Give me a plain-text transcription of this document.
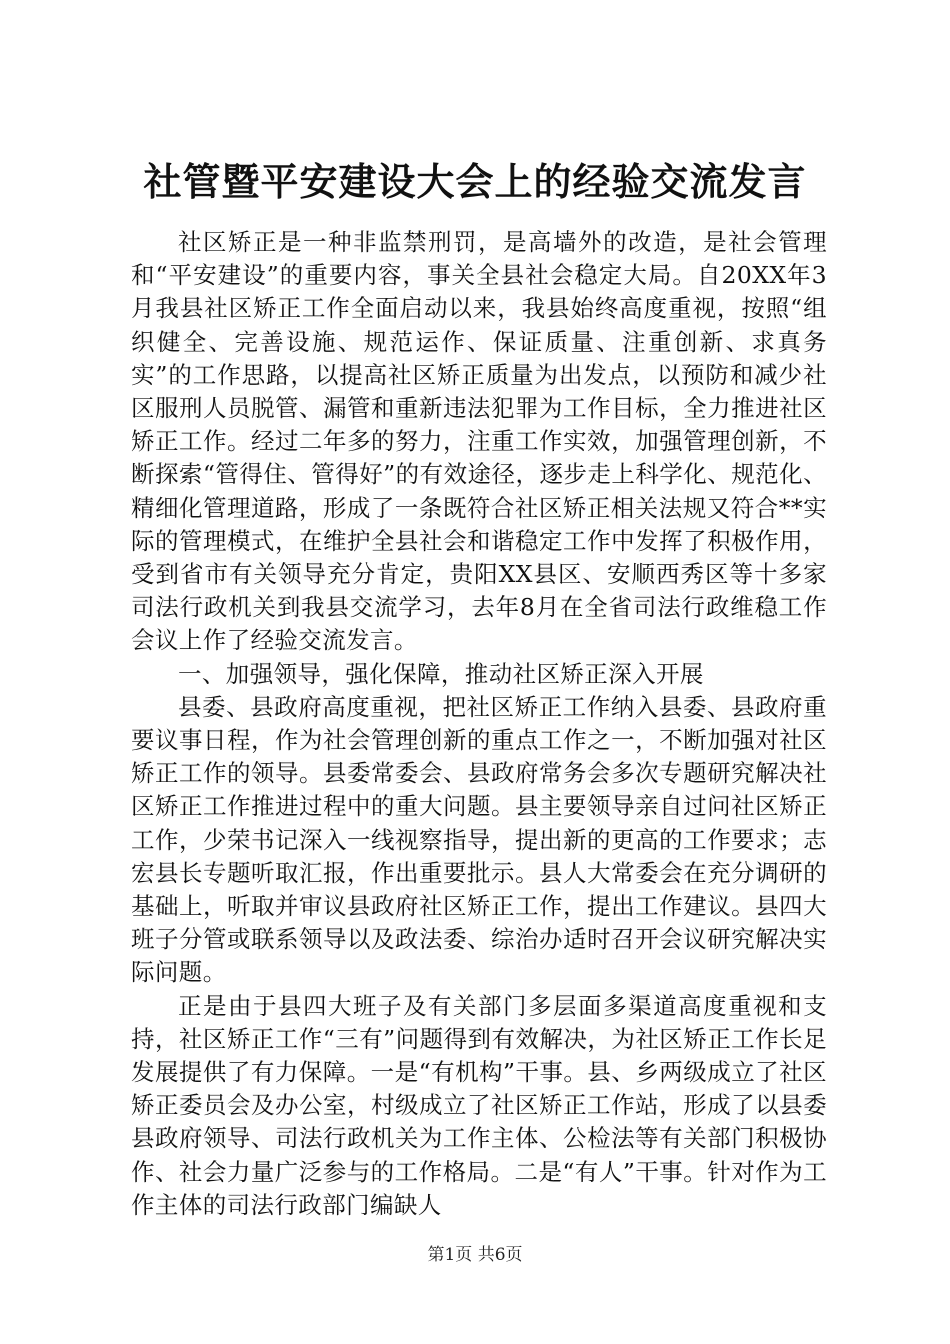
社管暨平安建设大会上的经验交流发言

社区矫正是一种非监禁刑罚，是高墙外的改造，是社会管理和“平安建设”的重要内容，事关全县社会稳定大局。自20XX年3月我县社区矫正工作全面启动以来，我县始终高度重视，按照“组织健全、完善设施、规范运作、保证质量、注重创新、求真务实”的工作思路，以提高社区矫正质量为出发点，以预防和减少社区服刑人员脱管、漏管和重新违法犯罪为工作目标，全力推进社区矫正工作。经过二年多的努力，注重工作实效，加强管理创新，不断探索“管得住、管得好”的有效途径，逐步走上科学化、规范化、精细化管理道路，形成了一条既符合社区矫正相关法规又符合**实际的管理模式，在维护全县社会和谐稳定工作中发挥了积极作用，受到省市有关领导充分肯定，贵阳XX县区、安顺西秀区等十多家司法行政机关到我县交流学习，去年8月在全省司法行政维稳工作会议上作了经验交流发言。

一、加强领导，强化保障，推动社区矫正深入开展

县委、县政府高度重视，把社区矫正工作纳入县委、县政府重要议事日程，作为社会管理创新的重点工作之一，不断加强对社区矫正工作的领导。县委常委会、县政府常务会多次专题研究解决社区矫正工作推进过程中的重大问题。县主要领导亲自过问社区矫正工作，少荣书记深入一线视察指导，提出新的更高的工作要求；志宏县长专题听取汇报，作出重要批示。县人大常委会在充分调研的基础上，听取并审议县政府社区矫正工作，提出工作建议。县四大班子分管或联系领导以及政法委、综治办适时召开会议研究解决实际问题。

正是由于县四大班子及有关部门多层面多渠道高度重视和支持，社区矫正工作“三有”问题得到有效解决，为社区矫正工作长足发展提供了有力保障。一是“有机构”干事。县、乡两级成立了社区矫正委员会及办公室，村级成立了社区矫正工作站，形成了以县委县政府领导、司法行政机关为工作主体、公检法等有关部门积极协作、社会力量广泛参与的工作格局。二是“有人”干事。针对作为工作主体的司法行政部门编缺人

第1页 共6页
